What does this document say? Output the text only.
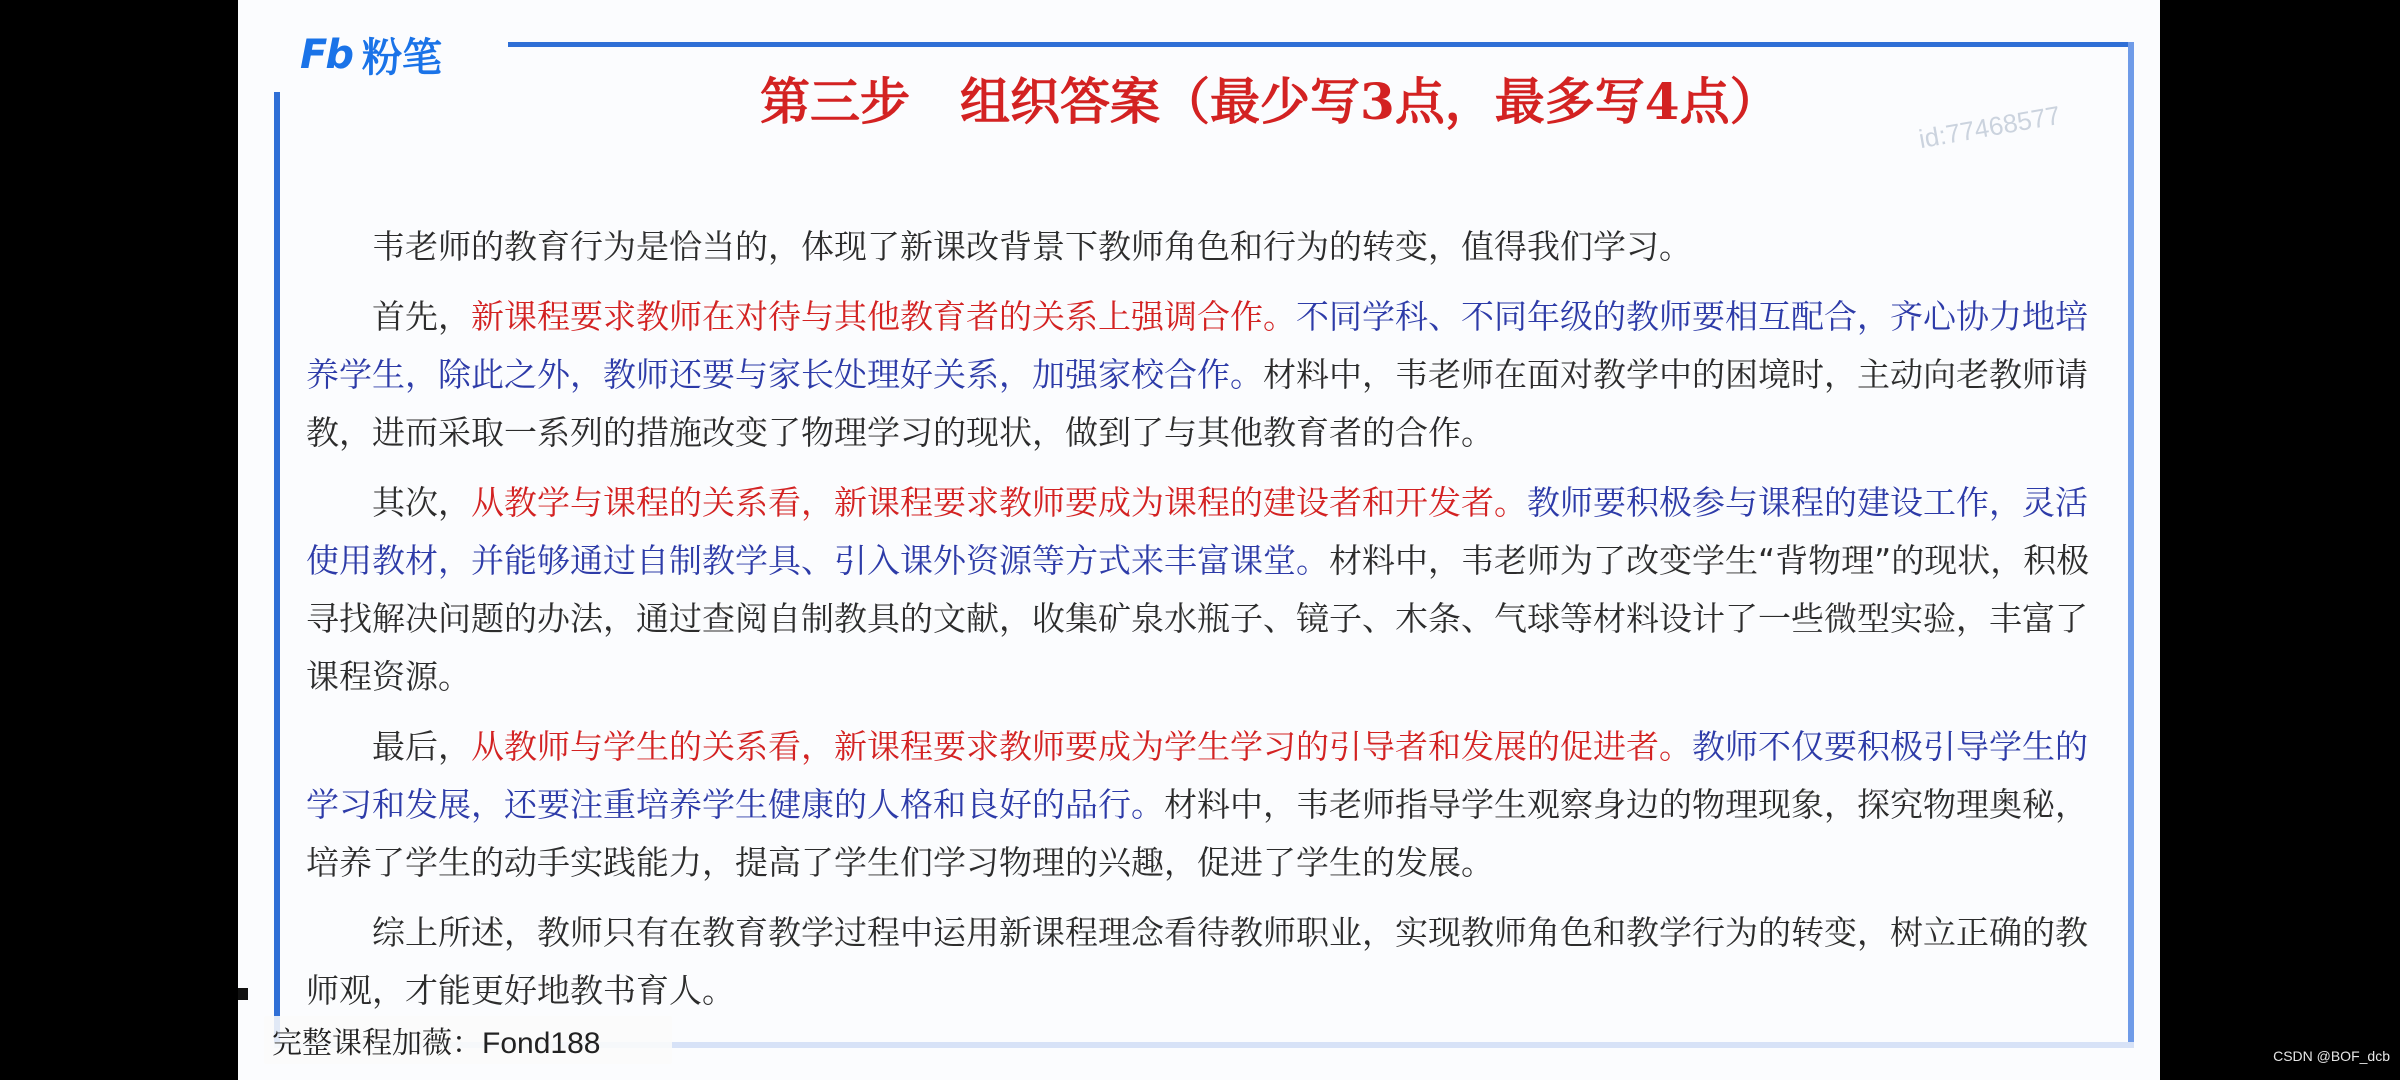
Fb 粉笔
第三步　组织答案（最少写3点，最多写4点）	id:77468577

韦老师的教育行为是恰当的，体现了新课改背景下教师角色和行为的转变，值得我们学习。

首先，新课程要求教师在对待与其他教育者的关系上强调合作。不同学科、不同年级的教师要相互配合，齐心协力地培养学生，除此之外，教师还要与家长处理好关系，加强家校合作。材料中，韦老师在面对教学中的困境时，主动向老教师请教，进而采取一系列的措施改变了物理学习的现状，做到了与其他教育者的合作。

其次，从教学与课程的关系看，新课程要求教师要成为课程的建设者和开发者。教师要积极参与课程的建设工作，灵活使用教材，并能够通过自制教学具、引入课外资源等方式来丰富课堂。材料中，韦老师为了改变学生“背物理”的现状，积极寻找解决问题的办法，通过查阅自制教具的文献，收集矿泉水瓶子、镜子、木条、气球等材料设计了一些微型实验，丰富了课程资源。

最后，从教师与学生的关系看，新课程要求教师要成为学生学习的引导者和发展的促进者。教师不仅要积极引导学生的学习和发展，还要注重培养学生健康的人格和良好的品行。材料中，韦老师指导学生观察身边的物理现象，探究物理奥秘，培养了学生的动手实践能力，提高了学生们学习物理的兴趣，促进了学生的发展。

综上所述，教师只有在教育教学过程中运用新课程理念看待教师职业，实现教师角色和教学行为的转变，树立正确的教师观，才能更好地教书育人。

完整课程加薇：Fond188	CSDN @BOF_dcb
